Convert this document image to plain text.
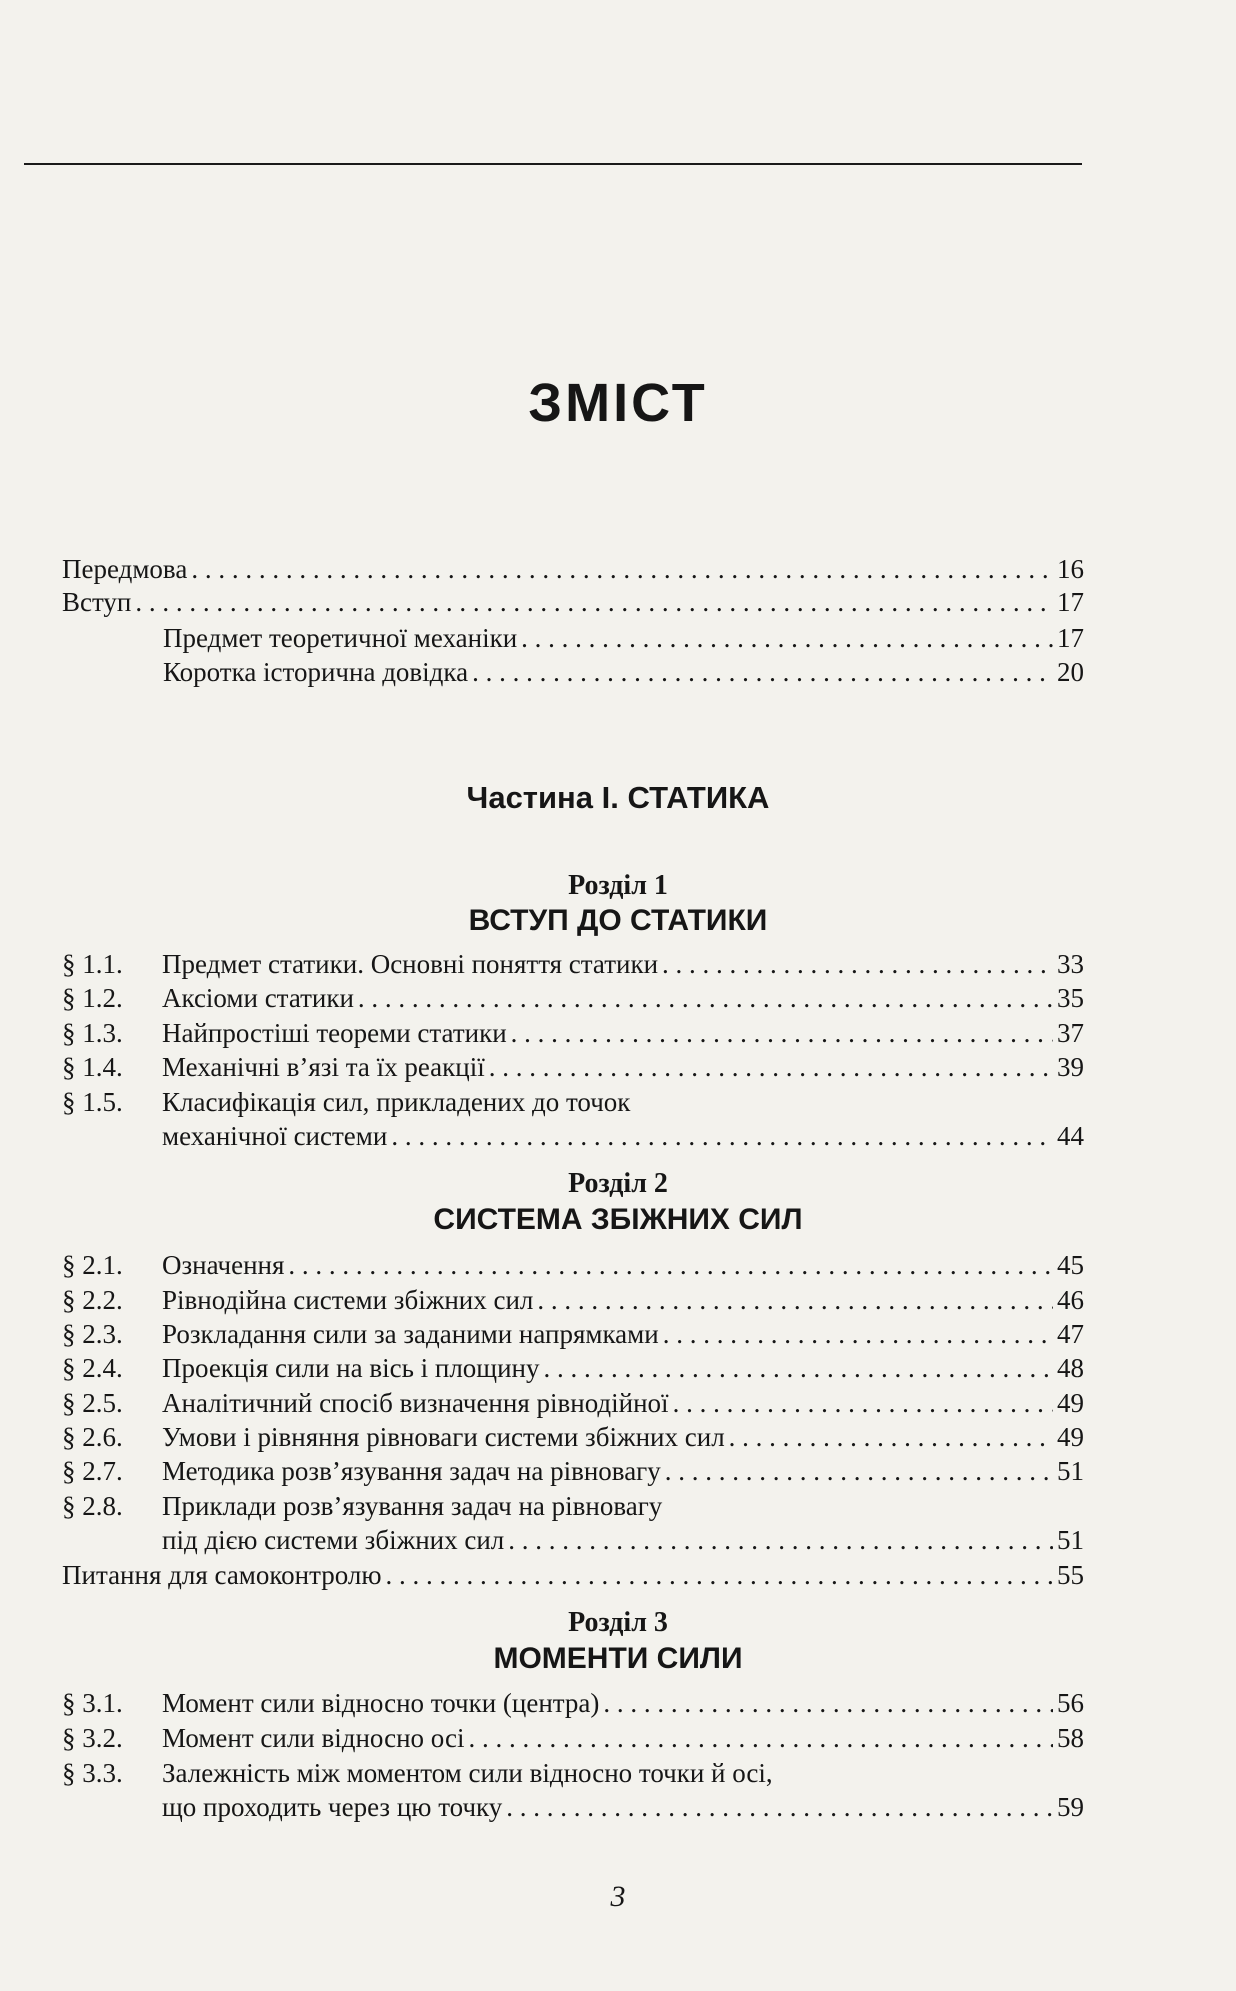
ЗМІСТ
Передмова . . .	16
Вступ . . .	17
Предмет теоретичної механіки . . .	17
Коротка історична довідка . . .	20
Частина I. СТАТИКА
Розділ 1
ВСТУП ДО СТАТИКИ
§ 1.1.	Предмет статики. Основні поняття статики . . .	33
§ 1.2.	Аксіоми статики . . .	35
§ 1.3.	Найпростіші теореми статики . . .	37
§ 1.4.	Механічні в’язі та їх реакції . . .	39
§ 1.5. Класифікація сил, прикладених до точок
механічної системи . . .	44
Розділ 2
СИСТЕМА ЗБІЖНИХ СИЛ
§ 2.1.	Означення . . .	45
§ 2.2.	Рівнодійна системи збіжних сил . . .	46
§ 2.3.	Розкладання сили за заданими напрямками . . .	47
§ 2.4.	Проекція сили на вісь і площину . . .	48
§ 2.5.	Аналітичний спосіб визначення рівнодійної . . .	49
§ 2.6.	Умови і рівняння рівноваги системи збіжних сил . . .	49
§ 2.7.	Методика розв’язування задач на рівновагу . . .	51
§ 2.8. Приклади розв’язування задач на рівновагу
під дією системи збіжних сил . . .	51
Питання для самоконтролю . . .	55
Розділ 3
МОМЕНТИ СИЛИ
§ 3.1.	Момент сили відносно точки (центра) . . .	56
§ 3.2.	Момент сили відносно осі . . .	58
§ 3.3. Залежність між моментом сили відносно точки й осі,
що проходить через цю точку . . .	59
3
